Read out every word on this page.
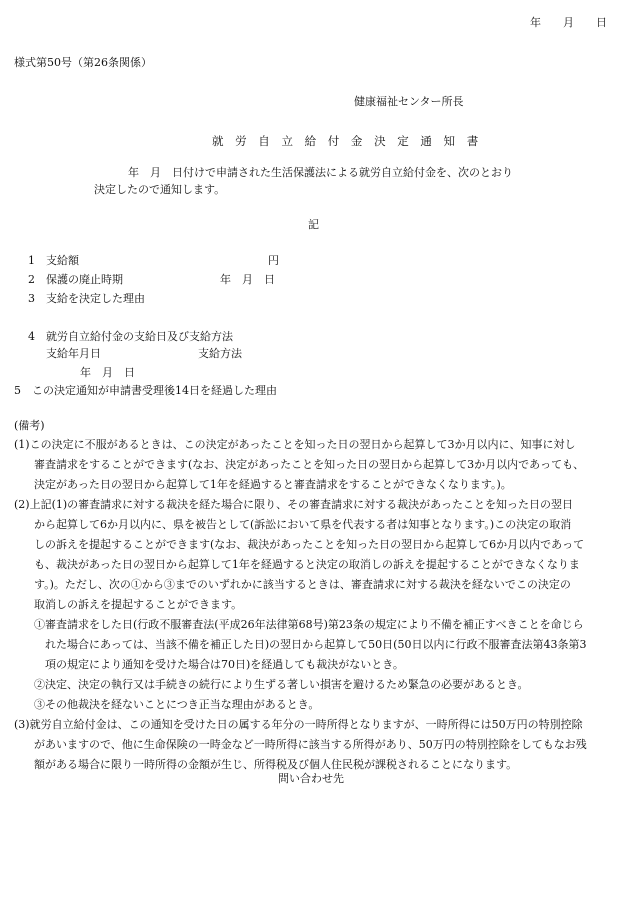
年　　月　　日
様式第50号（第26条関係）
健康福祉センター所長
就 労 自 立 給 付 金 決 定 通 知 書
年　月　日付けで申請された生活保護法による就労自立給付金を、次のとおり
決定したので通知します。
記
1 支給額	円
2 保護の廃止時期	年　月　日
3 支給を決定した理由
4 就労自立給付金の支給日及び支給方法
支給年月日	支給方法
年　月　日
5 この決定通知が申請書受理後14日を経過した理由
(備考)
(1)この決定に不服があるときは、この決定があったことを知った日の翌日から起算して3か月以内に、知事に対し
審査請求をすることができます(なお、決定があったことを知った日の翌日から起算して3か月以内であっても、
決定があった日の翌日から起算して1年を経過すると審査請求をすることができなくなります。)。
(2)上記(1)の審査請求に対する裁決を経た場合に限り、その審査請求に対する裁決があったことを知った日の翌日
から起算して6か月以内に、県を被告として(訴訟において県を代表する者は知事となります。)この決定の取消
しの訴えを提起することができます(なお、裁決があったことを知った日の翌日から起算して6か月以内であって
も、裁決があった日の翌日から起算して1年を経過すると決定の取消しの訴えを提起することができなくなりま
す。)。ただし、次の①から③までのいずれかに該当するときは、審査請求に対する裁決を経ないでこの決定の
取消しの訴えを提起することができます。
①審査請求をした日(行政不服審査法(平成26年法律第68号)第23条の規定により不備を補正すべきことを命じら
　れた場合にあっては、当該不備を補正した日)の翌日から起算して50日(50日以内に行政不服審査法第43条第3
　項の規定により通知を受けた場合は70日)を経過しても裁決がないとき。
②決定、決定の執行又は手続きの続行により生ずる著しい損害を避けるため緊急の必要があるとき。
③その他裁決を経ないことにつき正当な理由があるとき。
(3)就労自立給付金は、この通知を受けた日の属する年分の一時所得となりますが、一時所得には50万円の特別控除
があいますので、他に生命保険の一時金など一時所得に該当する所得があり、50万円の特別控除をしてもなお残
額がある場合に限り一時所得の金額が生じ、所得税及び個人住民税が課税されることになります。
問い合わせ先
